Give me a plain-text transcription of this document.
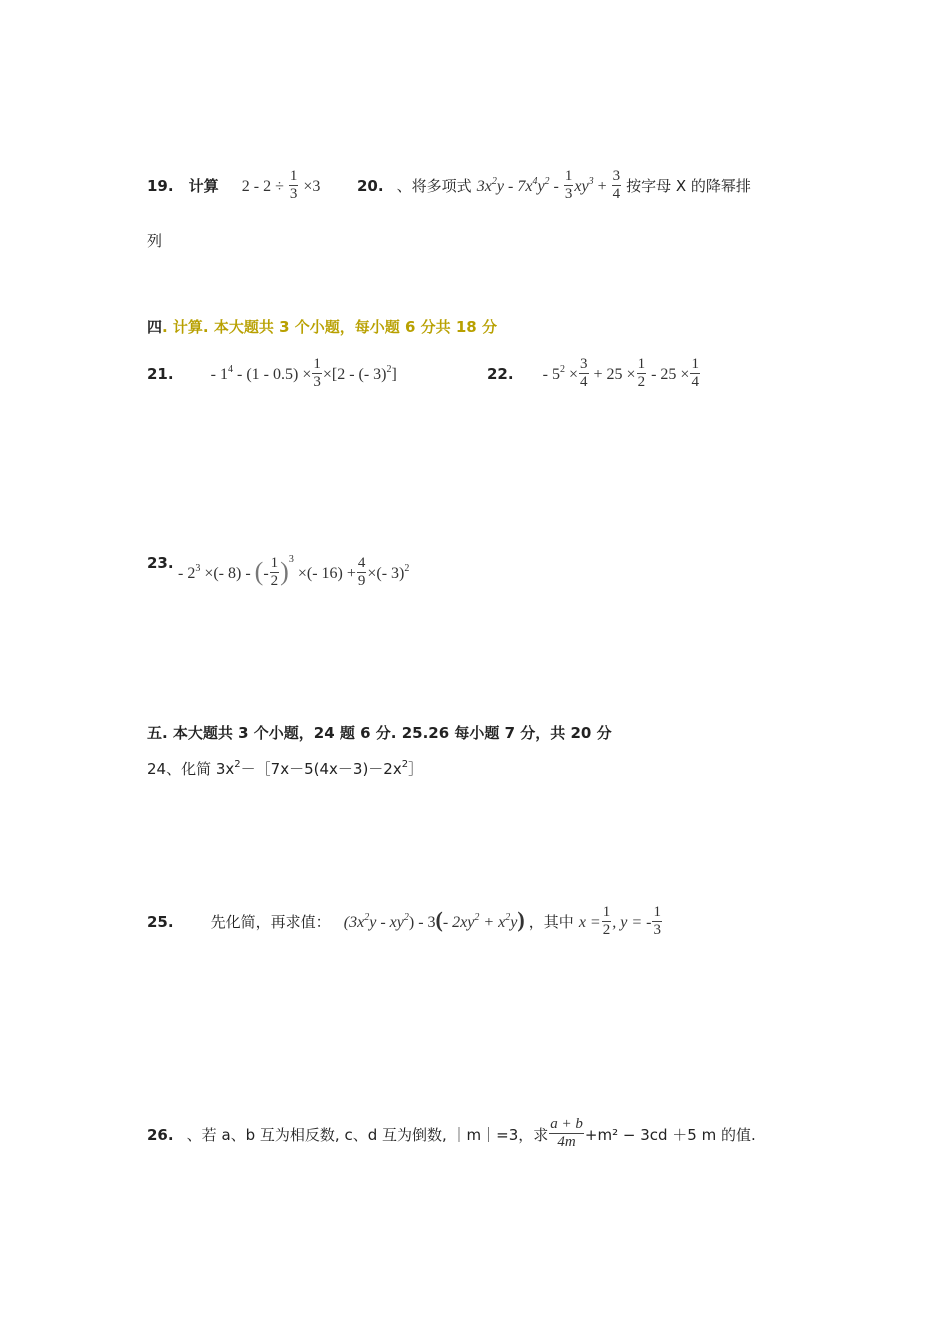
19. 计算 $2 - 2 \div \frac{1}{3} \times 3$ 20. 、将多项式 $3x^2y - 7x^4y^2 - \frac{1}{3} xy^3 + \frac{3}{4}$ 按字母 X 的降幂排
列
四. 计算. 本大题共 3 个小题，每小题 6 分共 18 分
21. - $1^4 - (1 - 0.5) \times \frac{1}{3} \times[2$ - (- 3)$^2$]	22. - $5^2 \times \frac{3}{4} + 25 \times \frac{1}{2} - 25 \times \frac{1}{4}$
23.
- $2^3$ ×(- 8) - (- $\frac{1}{2} )^3$ ×(- $16) + \frac{4}{9}$ ×(- 3)$^2$
五. 本大题共 3 个小题，24 题 6 分. 25.26 每小题 7 分，共 20 分
24、化简 $3x^2-[7x-5(4x-3)-2x^2]$
25. 先化简，再求值： $(3x^2y - xy^2) - 3(-$ $2xy^2 + x^2y$) ，其中 $x = \frac{1}{2}$ , y = - $\frac{1}{3}$
26. 、若 a、b 互为相反数, c、d 互为倒数, ｜m｜=3，求 $\frac{a + b}{4m} +m^2 - 3cd +5$ m 的值.
